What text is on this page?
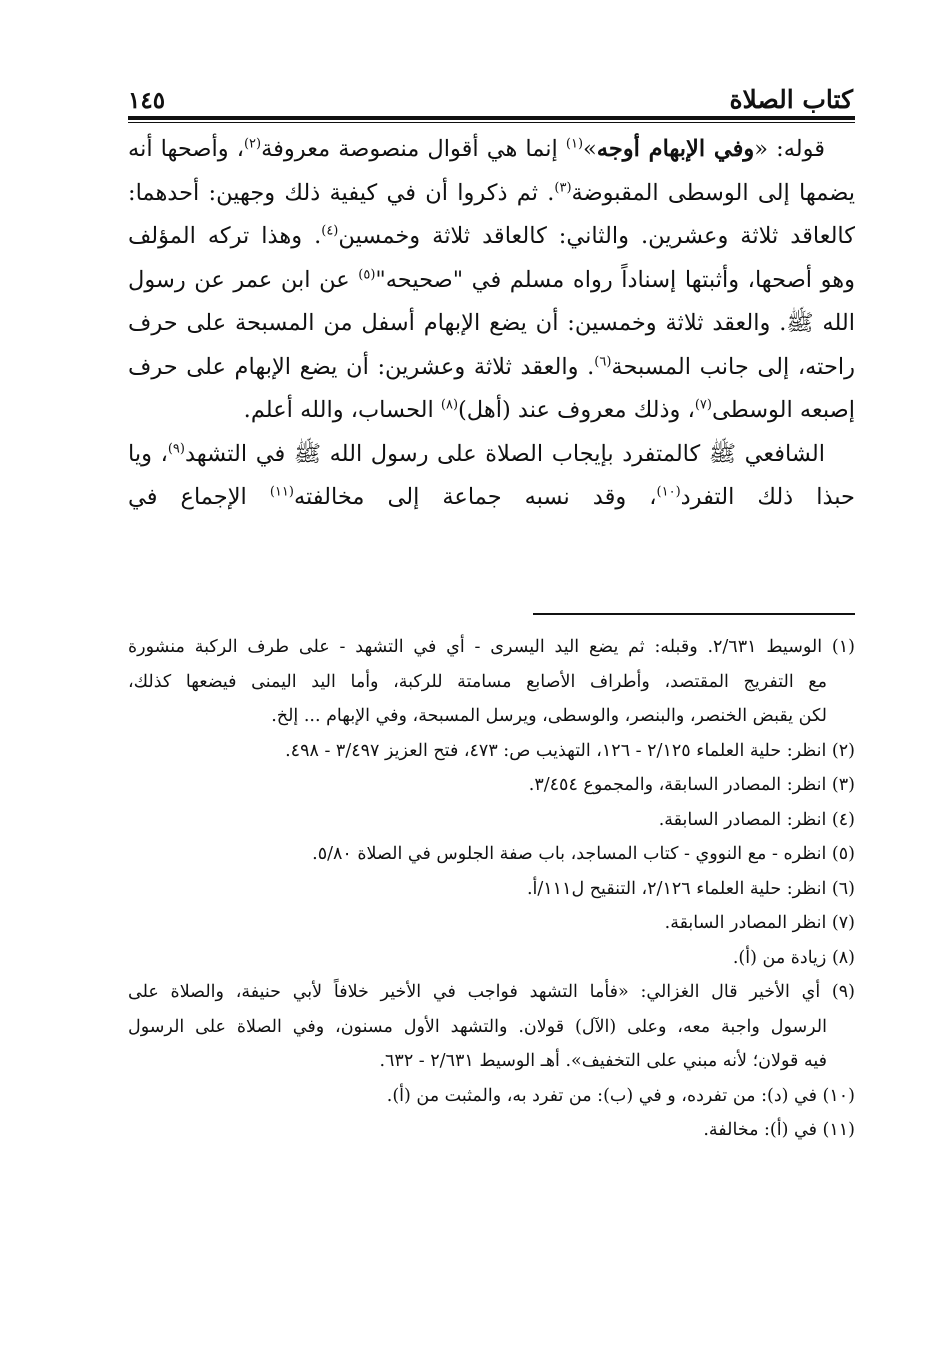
كتاب الصلاة
١٤٥

قوله: «وفي الإبهام أوجه»$^{(١)}$ إنما هي أقوال منصوصة معروفة$^{(٢)}$، وأصحها أنه

يضمها إلى الوسطى المقبوضة$^{(٣)}$. ثم ذكروا أن في كيفية ذلك وجهين: أحدهما:

كالعاقد ثلاثة وعشرين. والثاني: كالعاقد ثلاثة وخمسين$^{(٤)}$. وهذا تركه المؤلف

وهو أصحها، وأثبتها إسناداً رواه مسلم في "صحيحه"$^{(٥)}$ عن ابن عمر عن رسول

الله ﷺ. والعقد ثلاثة وخمسين: أن يضع الإبهام أسفل من المسبحة على حرف

راحته، إلى جانب المسبحة$^{(٦)}$. والعقد ثلاثة وعشرين: أن يضع الإبهام على حرف

إصبعه الوسطى$^{(٧)}$، وذلك معروف عند (أهل)$^{(٨)}$ الحساب، والله أعلم.

الشافعي ﷺ كالمتفرد بإيجاب الصلاة على رسول الله ﷺ في التشهد$^{(٩)}$، ويا

حبذا ذلك التفرد$^{(١٠)}$، وقد نسبه جماعة إلى مخالفته$^{(١١)}$ الإجماع في

(١) الوسيط ٢/٦٣١. وقبله: ثم يضع اليد اليسرى - أي في التشهد - على طرف الركبة منشورة
مع التفريج المقتصد، وأطراف الأصابع مسامتة للركبة، وأما اليد اليمنى فيضعها كذلك،
لكن يقبض الخنصر، والبنصر، والوسطى، ويرسل المسبحة، وفي الإبهام ... إلخ.
(٢) انظر: حلية العلماء ٢/١٢٥ - ١٢٦، التهذيب ص: ٤٧٣، فتح العزيز ٣/٤٩٧ - ٤٩٨.
(٣) انظر: المصادر السابقة، والمجموع ٣/٤٥٤.
(٤) انظر: المصادر السابقة.
(٥) انظره - مع النووي - كتاب المساجد، باب صفة الجلوس في الصلاة ٥/٨٠.
(٦) انظر: حلية العلماء ٢/١٢٦، التنقيح ل١١١/أ.
(٧) انظر المصادر السابقة.
(٨) زيادة من (أ).
(٩) أي الأخير قال الغزالي: «فأما التشهد فواجب في الأخير خلافاً لأبي حنيفة، والصلاة على
الرسول واجبة معه، وعلى (الآل) قولان. والتشهد الأول مسنون، وفي الصلاة على الرسول
فيه قولان؛ لأنه مبني على التخفيف». أهـ الوسيط ٢/٦٣١ - ٦٣٢.
(١٠) في (د): من تفرده، و في (ب): من تفرد به، والمثبت من (أ).
(١١) في (أ): مخالفة.
